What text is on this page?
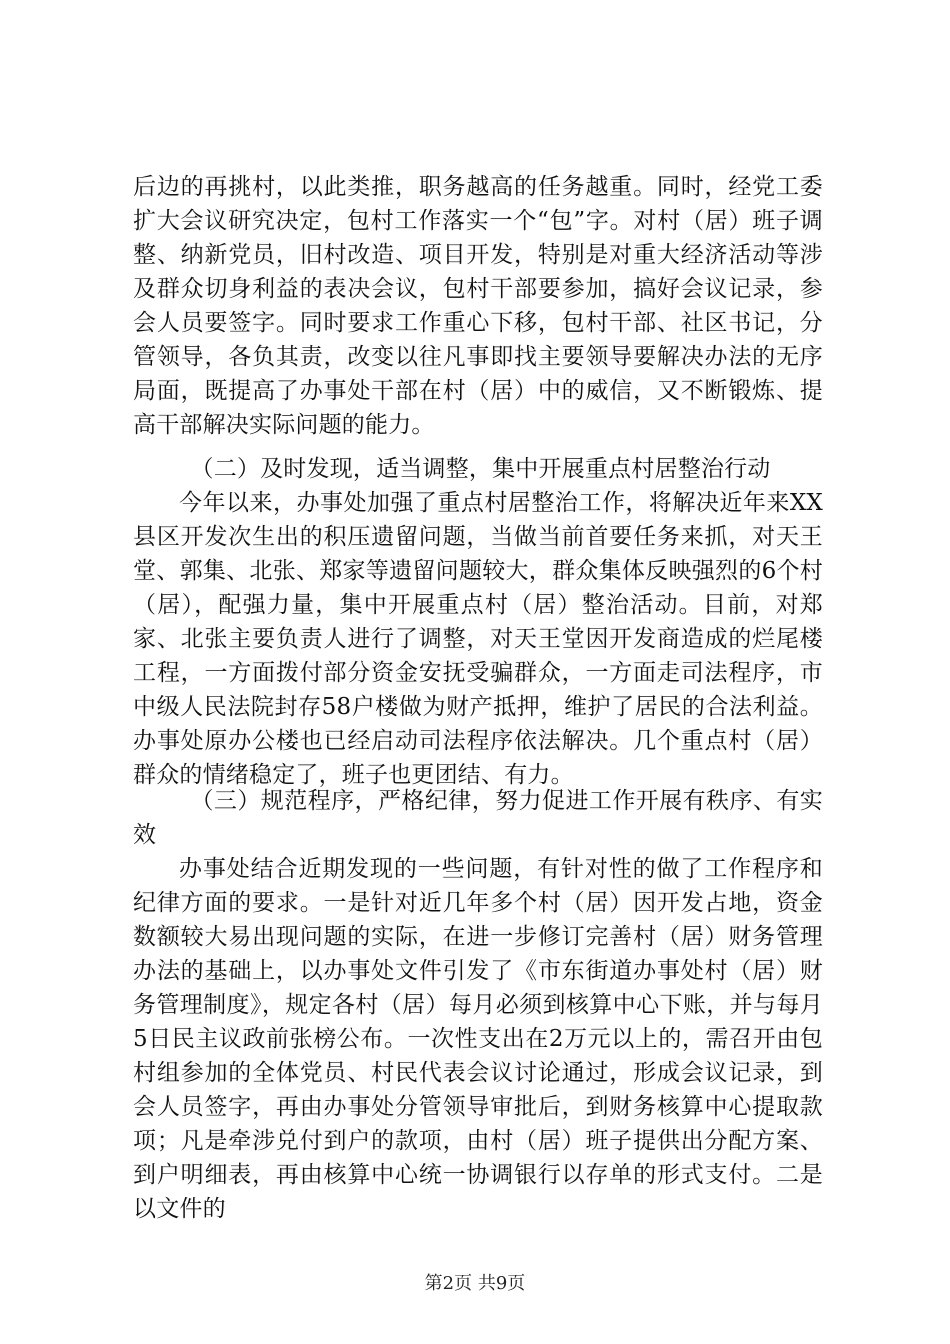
后边的再挑村，以此类推，职务越高的任务越重。同时，经党工委扩大会议研究决定，包村工作落实一个“包”字。对村（居）班子调整、纳新党员，旧村改造、项目开发，特别是对重大经济活动等涉及群众切身利益的表决会议，包村干部要参加，搞好会议记录，参会人员要签字。同时要求工作重心下移，包村干部、社区书记，分管领导，各负其责，改变以往凡事即找主要领导要解决办法的无序局面，既提高了办事处干部在村（居）中的威信，又不断锻炼、提高干部解决实际问题的能力。

（二）及时发现，适当调整，集中开展重点村居整治行动

今年以来，办事处加强了重点村居整治工作，将解决近年来XX县区开发次生出的积压遗留问题，当做当前首要任务来抓，对天王堂、郭集、北张、郑家等遗留问题较大，群众集体反映强烈的6个村（居），配强力量，集中开展重点村（居）整治活动。目前，对郑家、北张主要负责人进行了调整，对天王堂因开发商造成的烂尾楼工程，一方面拨付部分资金安抚受骗群众，一方面走司法程序，市中级人民法院封存58户楼做为财产抵押，维护了居民的合法利益。办事处原办公楼也已经启动司法程序依法解决。几个重点村（居）群众的情绪稳定了，班子也更团结、有力。

（三）规范程序，严格纪律，努力促进工作开展有秩序、有实效

办事处结合近期发现的一些问题，有针对性的做了工作程序和纪律方面的要求。一是针对近几年多个村（居）因开发占地，资金数额较大易出现问题的实际，在进一步修订完善村（居）财务管理办法的基础上，以办事处文件引发了《市东街道办事处村（居）财务管理制度》，规定各村（居）每月必须到核算中心下账，并与每月5日民主议政前张榜公布。一次性支出在2万元以上的，需召开由包村组参加的全体党员、村民代表会议讨论通过，形成会议记录，到会人员签字，再由办事处分管领导审批后，到财务核算中心提取款项；凡是牵涉兑付到户的款项，由村（居）班子提供出分配方案、到户明细表，再由核算中心统一协调银行以存单的形式支付。二是以文件的

第2页 共9页
